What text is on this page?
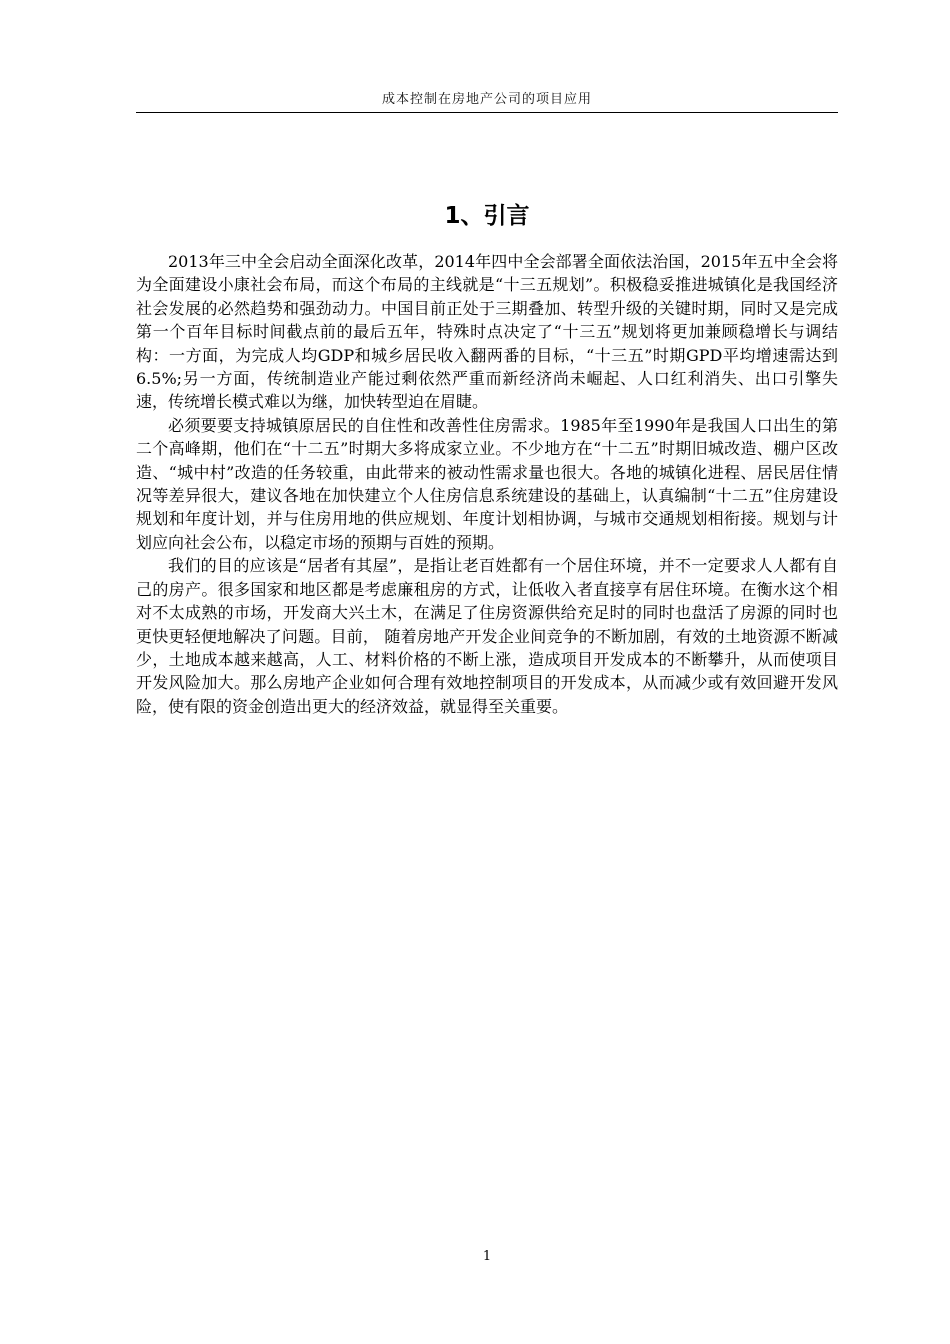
成本控制在房地产公司的项目应用
1、引言

2013年三中全会启动全面深化改革，2014年四中全会部署全面依法治国，2015年五中全会将为全面建设小康社会布局，而这个布局的主线就是“十三五规划”。积极稳妥推进城镇化是我国经济社会发展的必然趋势和强劲动力。中国目前正处于三期叠加、转型升级的关键时期，同时又是完成第一个百年目标时间截点前的最后五年，特殊时点决定了“十三五”规划将更加兼顾稳增长与调结构：一方面，为完成人均GDP和城乡居民收入翻两番的目标，“十三五”时期GPD平均增速需达到6.5%;另一方面，传统制造业产能过剩依然严重而新经济尚未崛起、人口红利消失、出口引擎失速，传统增长模式难以为继，加快转型迫在眉睫。

必须要要支持城镇原居民的自住性和改善性住房需求。1985年至1990年是我国人口出生的第二个高峰期，他们在“十二五”时期大多将成家立业。不少地方在“十二五”时期旧城改造、棚户区改造、“城中村”改造的任务较重，由此带来的被动性需求量也很大。各地的城镇化进程、居民居住情况等差异很大，建议各地在加快建立个人住房信息系统建设的基础上，认真编制“十二五”住房建设规划和年度计划，并与住房用地的供应规划、年度计划相协调，与城市交通规划相衔接。规划与计划应向社会公布，以稳定市场的预期与百姓的预期。

我们的目的应该是“居者有其屋”，是指让老百姓都有一个居住环境，并不一定要求人人都有自己的房产。很多国家和地区都是考虑廉租房的方式，让低收入者直接享有居住环境。在衡水这个相对不太成熟的市场，开发商大兴土木，在满足了住房资源供给充足时的同时也盘活了房源的同时也更快更轻便地解决了问题。目前， 随着房地产开发企业间竞争的不断加剧，有效的土地资源不断减少，土地成本越来越高，人工、材料价格的不断上涨，造成项目开发成本的不断攀升，从而使项目开发风险加大。那么房地产企业如何合理有效地控制项目的开发成本，从而减少或有效回避开发风险，使有限的资金创造出更大的经济效益，就显得至关重要。

1
